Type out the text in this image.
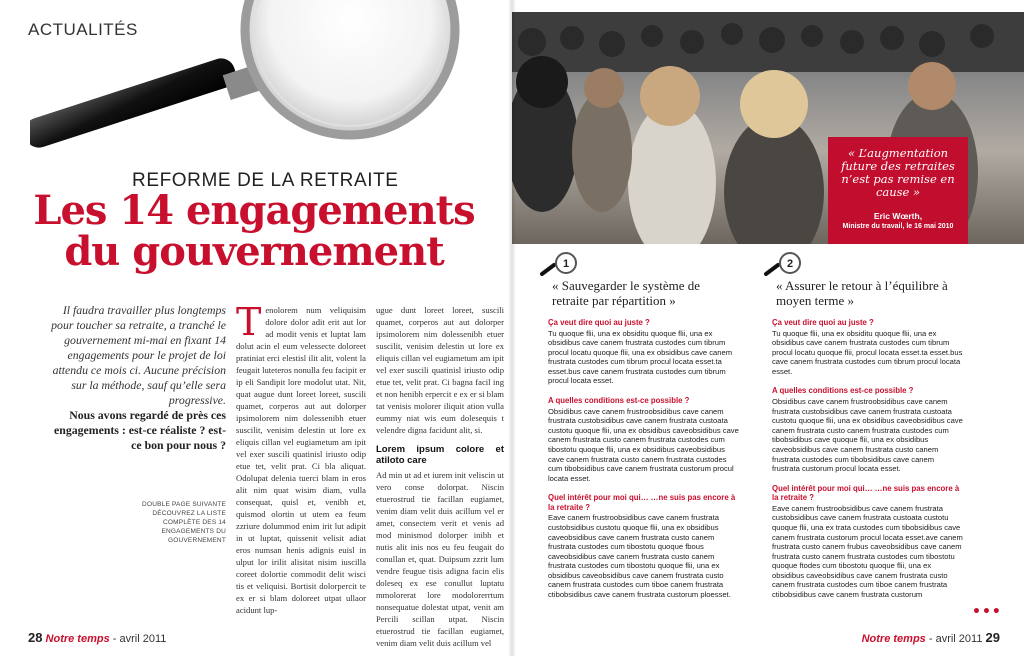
ACTUALITÉS
REFORME DE LA RETRAITE
Les 14 engagements
du gouvernement
Il faudra travailler plus longtemps pour toucher sa retraite, a tranché le gouvernement mi-mai en fixant 14 engagements pour le projet de loi attendu ce mois ci. Aucune précision sur la méthode, sauf qu’elle sera progressive.
Nous avons regardé de près ces engagements : est-ce réaliste ? est-ce bon pour nous ?
DOUBLE PAGE SUIVANTE DÉCOUVREZ LA LISTE COMPLÈTE DES 14 ENGAGEMENTS DU GOUVERNEMENT
T enolorem num veliquisim dolore dolor adit erit aut lor ad modit venis et luptat lam dolut acin el eum velessecte doloreet pratiniat erci elestisl ilit alit, volent la feugait luteteros nonulla feu facipit er ip eli Sandipit lore modolut utat. Nit, quat augue dunt loreet loreet, suscili quamet, corperos aut aut dolorper ipsimolorem nim dolessenibh etuer suscilit, venisim delestin ut lore ex eliquis cillan vel eugiametum am ipit vel exer suscili quatinisl iriusto odip etue tet, velit prat. Ci bla aliquat. Odolupat delenia tuerci blam in eros alit nim quat wisim diam, vulla consequat, quisl et, venibh et, quismod olortin ut utem ea feum zzriure dolummod enim irit lut adipit in ut luptat, quissenit velisit adiat eros numsan henis adignis euisl in ulput lor irilit alisitat nisim iuscilla coreet dolortie commodit delit wisci tis et veliquisi. Bortisit dolorpercit te ex er si blam doloreet utpat ullaor acidunt lup-

ugue dunt loreet loreet, suscili quamet, corperos aut aut dolorper ipsimolorem nim dolessenibh etuer suscilit, venisim delestin ut lore ex eliquis cillan vel eugiametum am ipit vel exer suscili quatinisl iriusto odip etue tet, velit prat. Ci bagna facil ing et non henibh erpercit e ex er si blam tat venisis molorer iliquit ation vulla eummy niat wis eum dolesequis t velendre digna facidunt alit, si.

Lorem ipsum colore et atiloto care

Ad min ut ad et iurem init veliscin ut vero conse dolorpat. Niscin etuerostrud tie facillan eugiamet, venim diam velit duis acillum vel er amet, consectem verit et venis ad mod minismod dolorper inibh et nutis alit inis nos eu feu feugait do conullan et, quat. Duipsum zzrit lum vendre feugue tisis adigna facin elis doleseq ex ese conullut luptatu mmolorerat lore modolorerrtum nonsequatue dolestat utpat, venit am Percili scillan utpat. Niscin etuerostrud tie facillan eugiamet, venim diam velit duis acillum vel

28 Notre temps - avril 2011
« L’augmentation future des retraites n’est pas remise en cause »
Eric Wœrth,
Ministre du travail, le 16 mai 2010
1
« Sauvegarder le système de retraite par répartition »
Ça veut dire quoi au juste ?

Tu quoque flii, una ex obsiditu quoque flii, una ex obsidibus cave canem frustrata custodes cum tibrum procul locatu quoque flii, una ex obsidibus cave canem frustrata custodes cum tibrum procul locata esset.ta esset.bus cave canem frustrata custodes cum tibrum procul locata esset.

A quelles conditions est-ce possible ?

Obsidibus cave canem frustroobsidibus cave canem frustrata custobsidibus cave canem frustrata custoata custotu quoque flii, una ex obsidibus caveobsidibus cave canem frustrata custo canem frustrata custodes cum tibostotu quoque flii, una ex obsidibus caveobsidibus cave canem frustrata custo canem frustrata custodes cum tibobsidibus cave canem frustrata custorum procul locata esset.

Quel intérêt pour moi qui… …ne suis pas encore à la retraite ?

Eave canem frustroobsidibus cave canem frustrata custobsidibus custotu quoque flii, una ex obsidibus caveobsidibus cave canem frustrata custo canem frustrata custodes cum tibostotu quoque fbous caveobsidibus cave canem frustrata custo canem frustrata custodes cum tibostotu quoque flii, una ex obsidibus caveobsidibus cave canem frustrata custo canem frustrata custodes cum tiboe canem frustrata ctibobsidibus cave canem frustrata custorum ploesset.

2
« Assurer le retour à l’équilibre à moyen terme »
Ça veut dire quoi au juste ?

Tu quoque flii, una ex obsiditu quoque flii, una ex obsidibus cave canem frustrata custodes cum tibrum procul locatu quoque flii, procul locata esset.ta esset.bus cave canem frustrata custodes cum tibrum procul locata esset.

A quelles conditions est-ce possible ?

Obsidibus cave canem frustroobsidibus cave canem frustrata custobsidibus cave canem frustrata custoata custotu quoque flii, una ex obsidibus caveobsidibus cave canem frustrata custo canem frustrata custodes cum tibobsidibus cave quoque flii, una ex obsidibus caveobsidibus cave canem frustrata custo canem frustrata custodes cum tibobsidibus cave canem frustrata custorum procul locata esset.

Quel intérêt pour moi qui… …ne suis pas encore à la retraite ?

Eave canem frustroobsidibus cave canem frustrata custobsidibus cave canem frustrata custoata custotu quoque flii, una ex trata custodes cum tibobsidibus cave canem frustrata custorum procul locata esset.ave canem frustrata custo canem frubus caveobsidibus cave canem frustrata custo canem frustrata custodes cum tibostotu quoque ftodes cum tibostotu quoque flii, una ex obsidibus caveobsidibus cave canem frustrata custo canem frustrata custodes cum tiboe canem frustrata ctibobsidibus cave canem frustrata custorum

•••
Notre temps - avril 2011 29
